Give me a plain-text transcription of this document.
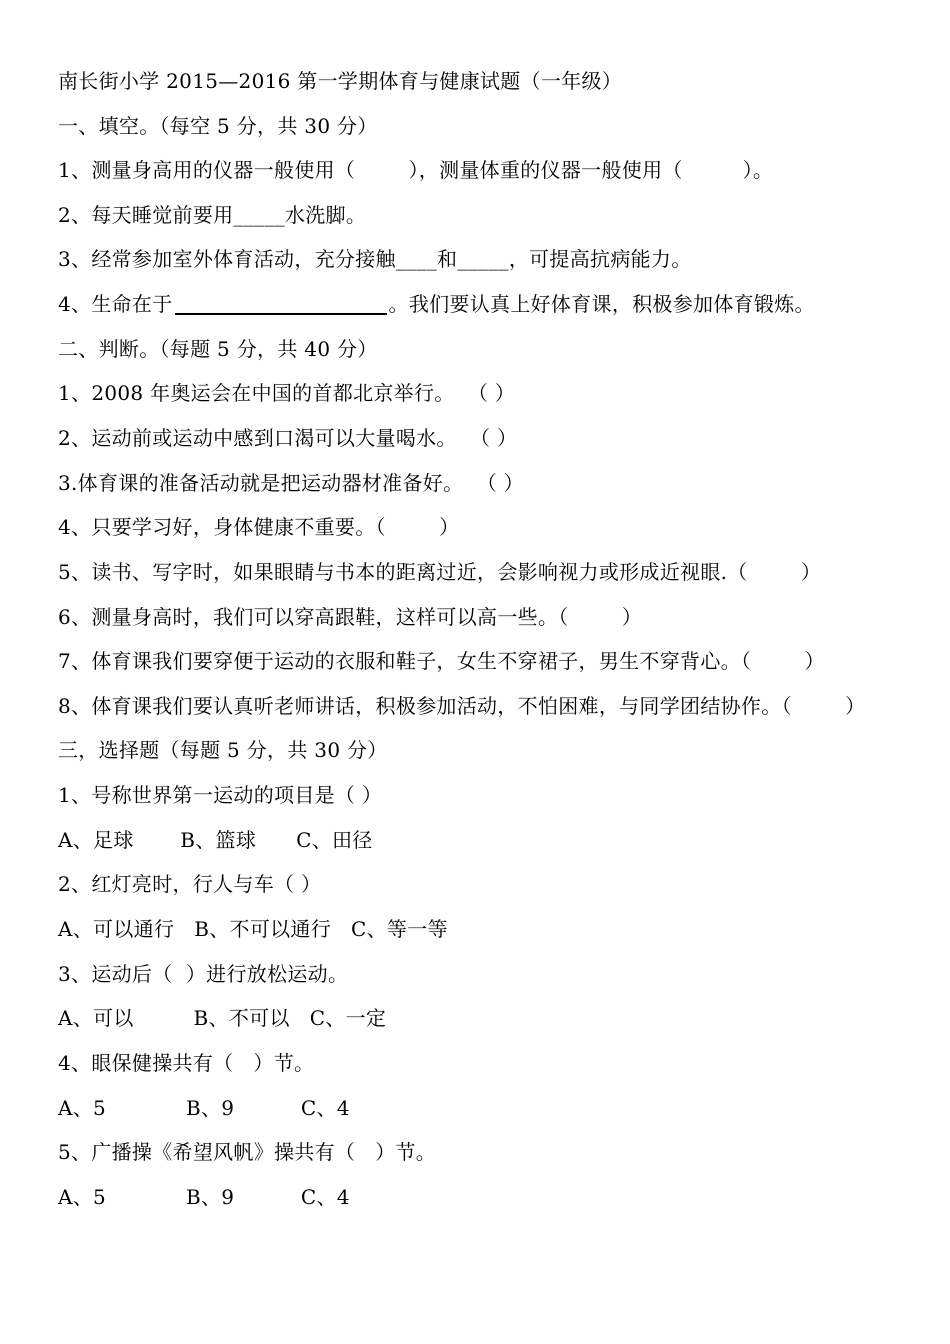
南长街小学 2015—2016 第一学期体育与健康试题（一年级）
一、填空。（每空 5 分，共 30 分）
1、测量身高用的仪器一般使用（        ），测量体重的仪器一般使用（         ）。
2、每天睡觉前要用_____水洗脚。
3、经常参加室外体育活动，充分接触____和_____，可提高抗病能力。
4、生命在于	。我们要认真上好体育课，积极参加体育锻炼。
二、判断。（每题 5 分，共 40 分）
1、2008 年奥运会在中国的首都北京举行。  （ ）
2、运动前或运动中感到口渴可以大量喝水。  （ ）
3.体育课的准备活动就是把运动器材准备好。  （ ）
4、只要学习好，身体健康不重要。（        ）
5、读书、写字时，如果眼睛与书本的距离过近，会影响视力或形成近视眼.（        ）
6、测量身高时，我们可以穿高跟鞋，这样可以高一些。（        ）
7、体育课我们要穿便于运动的衣服和鞋子，女生不穿裙子，男生不穿背心。（        ）
8、体育课我们要认真听老师讲话，积极参加活动，不怕困难，与同学团结协作。（        ）
三，选择题（每题 5 分，共 30 分）
1、号称世界第一运动的项目是（ ）
A、足球       B、篮球      C、田径
2、红灯亮时，行人与车（ ）
A、可以通行   B、不可以通行   C、等一等
3、运动后（  ）进行放松运动。
A、可以         B、不可以   C、一定
4、眼保健操共有（   ）节。
A、5            B、9          C、4
5、广播操《希望风帆》操共有（   ）节。
A、5            B、9          C、4
